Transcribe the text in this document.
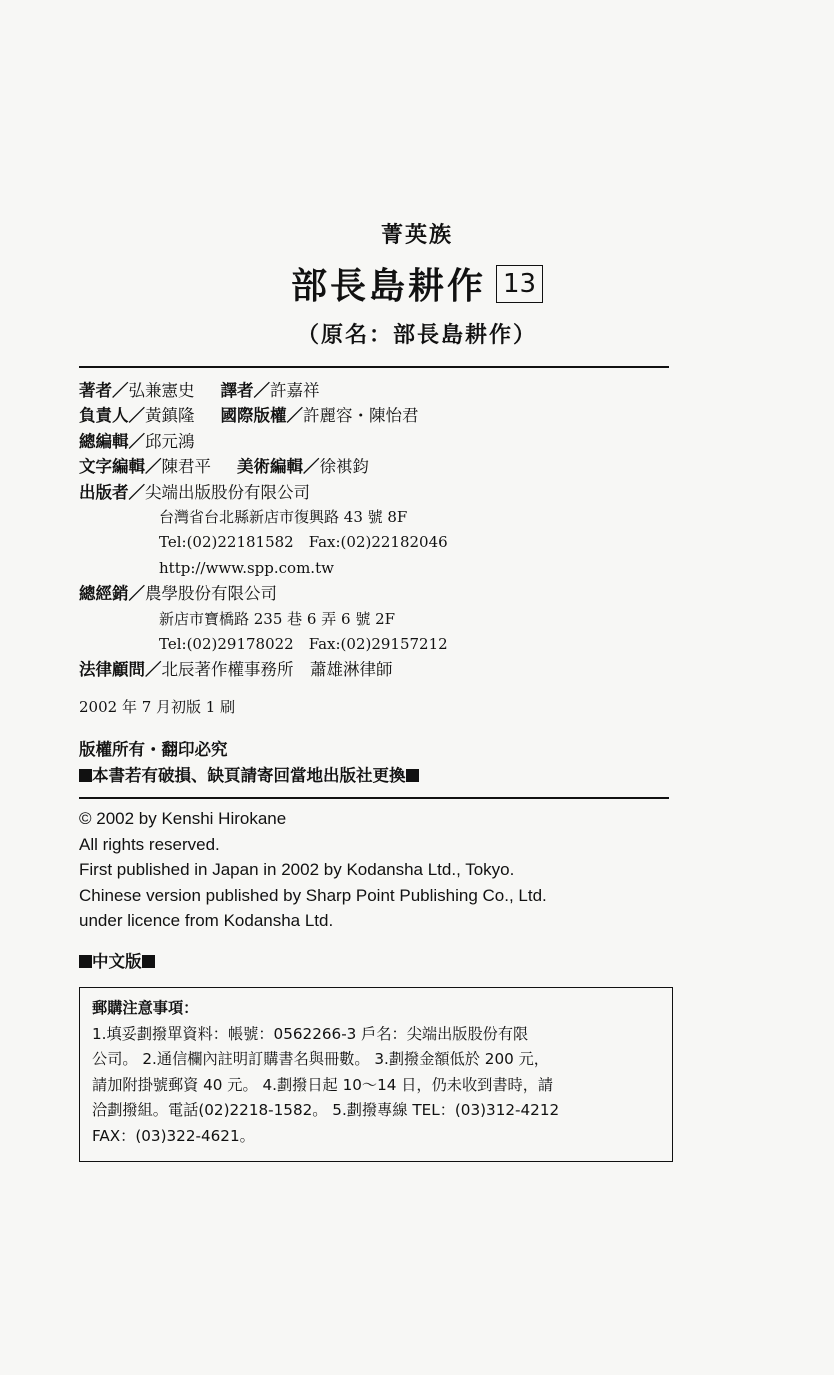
菁英族
部長島耕作 13
（原名：部長島耕作）
著者／弘兼憲史 譯者／許嘉祥
負責人／黃鎮隆 國際版權／許麗容・陳怡君
總編輯／邱元鴻
文字編輯／陳君平 美術編輯／徐褀鈞
出版者／尖端出版股份有限公司
台灣省台北縣新店市復興路 43 號 8F
Tel:(02)22181582　Fax:(02)22182046
http://www.spp.com.tw
總經銷／農學股份有限公司
新店市寶橋路 235 巷 6 弄 6 號 2F
Tel:(02)29178022　Fax:(02)29157212
法律顧問／北辰著作權事務所　蕭雄淋律師
2002 年 7 月初版 1 刷
版權所有・翻印必究
本書若有破損、缺頁請寄回當地出版社更換
© 2002 by Kenshi Hirokane
All rights reserved.
First published in Japan in 2002 by Kodansha Ltd., Tokyo.
Chinese version published by Sharp Point Publishing Co., Ltd.
under licence from Kodansha Ltd.
中文版
郵購注意事項：
1.填妥劃撥單資料：帳號：0562266-3 戶名：尖端出版股份有限
公司。 2.通信欄內註明訂購書名與冊數。 3.劃撥金額低於 200 元，
請加附掛號郵資 40 元。 4.劃撥日起 10～14 日，仍未收到書時，請
洽劃撥組。電話(02)2218-1582。 5.劃撥專線 TEL：(03)312-4212
FAX：(03)322-4621。
